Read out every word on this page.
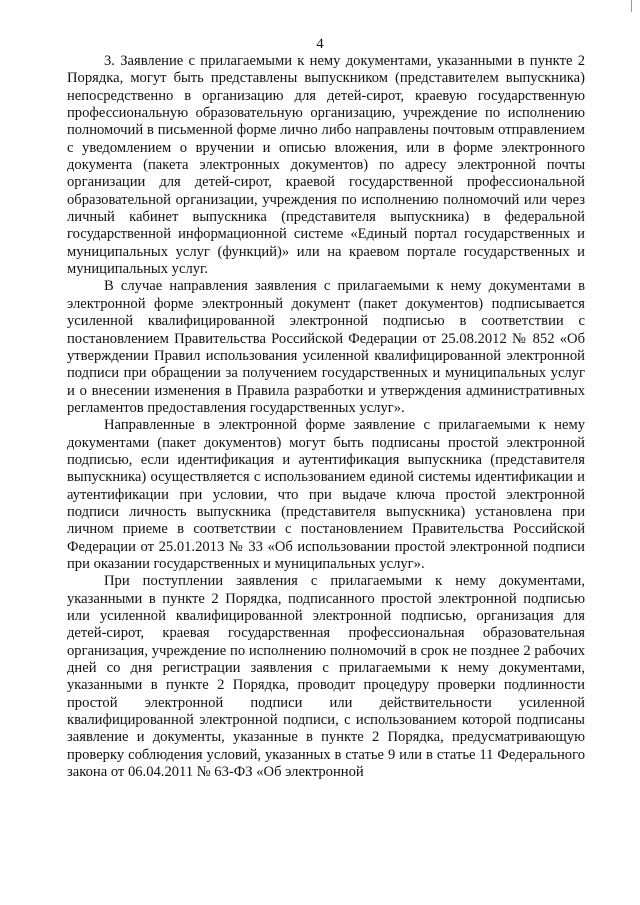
4

3. Заявление с прилагаемыми к нему документами, указанными в пункте 2 Порядка, могут быть представлены выпускником (представителем выпускника) непосредственно в организацию для детей-сирот, краевую государственную профессиональную образовательную организацию, учреждение по исполнению полномочий в письменной форме лично либо направлены почтовым отправлением с уведомлением о вручении и описью вложения, или в форме электронного документа (пакета электронных документов) по адресу электронной почты организации для детей-сирот, краевой государственной профессиональной образовательной организации, учреждения по исполнению полномочий или через личный кабинет выпускника (представителя выпускника) в федеральной государственной информационной системе «Единый портал государственных и муниципальных услуг (функций)» или на краевом портале государственных и муниципальных услуг.

В случае направления заявления с прилагаемыми к нему документами в электронной форме электронный документ (пакет документов) подписывается усиленной квалифицированной электронной подписью в соответствии с постановлением Правительства Российской Федерации от 25.08.2012 № 852 «Об утверждении Правил использования усиленной квалифицированной электронной подписи при обращении за получением государственных и муниципальных услуг и о внесении изменения в Правила разработки и утверждения административных регламентов предоставления государственных услуг».

Направленные в электронной форме заявление с прилагаемыми к нему документами (пакет документов) могут быть подписаны простой электронной подписью, если идентификация и аутентификация выпускника (представителя выпускника) осуществляется с использованием единой системы идентификации и аутентификации при условии, что при выдаче ключа простой электронной подписи личность выпускника (представителя выпускника) установлена при личном приеме в соответствии с постановлением Правительства Российской Федерации от 25.01.2013 № 33 «Об использовании простой электронной подписи при оказании государственных и муниципальных услуг».

При поступлении заявления с прилагаемыми к нему документами, указанными в пункте 2 Порядка, подписанного простой электронной подписью или усиленной квалифицированной электронной подписью, организация для детей-сирот, краевая государственная профессиональная образовательная организация, учреждение по исполнению полномочий в срок не позднее 2 рабочих дней со дня регистрации заявления с прилагаемыми к нему документами, указанными в пункте 2 Порядка, проводит процедуру проверки подлинности простой электронной подписи или действительности усиленной квалифицированной электронной подписи, с использованием которой подписаны заявление и документы, указанные в пункте 2 Порядка, предусматривающую проверку соблюдения условий, указанных в статье 9 или в статье 11 Федерального закона от 06.04.2011 № 63-ФЗ «Об электронной
